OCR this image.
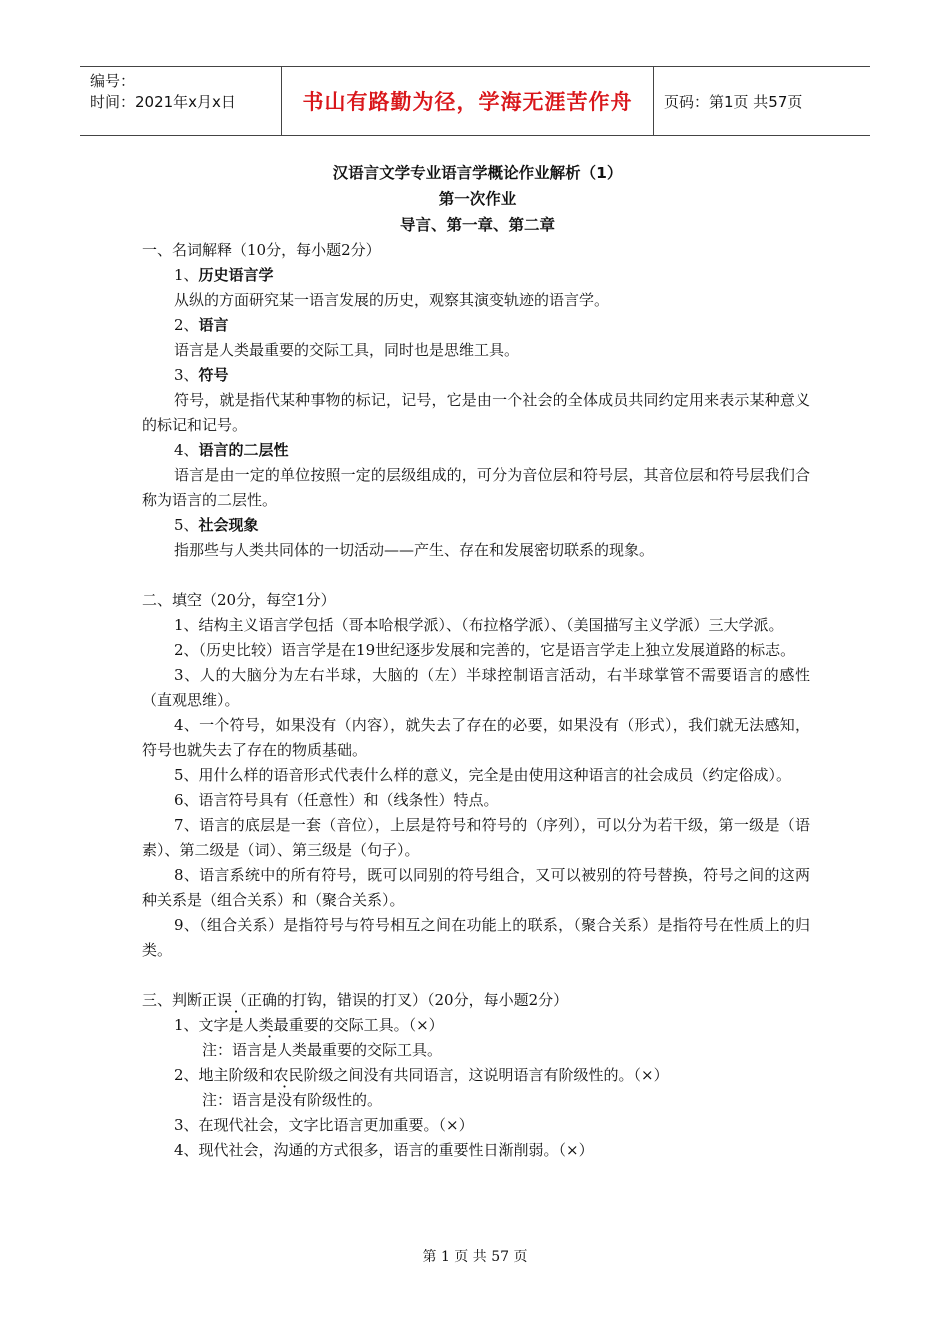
编号：
时间：2021年x月x日	书山有路勤为径，学海无涯苦作舟	页码：第1页 共57页
汉语言文学专业语言学概论作业解析（1）
第一次作业
导言、第一章、第二章
一、名词解释（10分，每小题2分）
1、历史语言学
从纵的方面研究某一语言发展的历史，观察其演变轨迹的语言学。
2、语言
语言是人类最重要的交际工具，同时也是思维工具。
3、符号
符号，就是指代某种事物的标记，记号，它是由一个社会的全体成员共同约定用来表示某种意义的标记和记号。
4、语言的二层性
语言是由一定的单位按照一定的层级组成的，可分为音位层和符号层，其音位层和符号层我们合称为语言的二层性。
5、社会现象
指那些与人类共同体的一切活动——产生、存在和发展密切联系的现象。
二、填空（20分，每空1分）
1、结构主义语言学包括（哥本哈根学派）、（布拉格学派）、（美国描写主义学派）三大学派。
2、（历史比较）语言学是在19世纪逐步发展和完善的，它是语言学走上独立发展道路的标志。
3、人的大脑分为左右半球，大脑的（左）半球控制语言活动，右半球掌管不需要语言的感性（直观思维）。
4、一个符号，如果没有（内容），就失去了存在的必要，如果没有（形式），我们就无法感知，符号也就失去了存在的物质基础。
5、用什么样的语音形式代表什么样的意义，完全是由使用这种语言的社会成员（约定俗成）。
6、语言符号具有（任意性）和（线条性）特点。
7、语言的底层是一套（音位），上层是符号和符号的（序列），可以分为若干级，第一级是（语素）、第二级是（词）、第三级是（句子）。
8、语言系统中的所有符号，既可以同别的符号组合，又可以被别的符号替换，符号之间的这两种关系是（组合关系）和（聚合关系）。
9、（组合关系）是指符号与符号相互之间在功能上的联系，（聚合关系）是指符号在性质上的归类。
三、判断正误（正确的打钩，错误的打叉）（20分，每小题2分）
1、文字是人类最重要的交际工具。（×）
注：语言是人类最重要的交际工具。
2、地主阶级和农民阶级之间没有共同语言，这说明语言有阶级性的。（×）
注：语言是没有阶级性的。
3、在现代社会，文字比语言更加重要。（×）
4、现代社会，沟通的方式很多，语言的重要性日渐削弱。（×）
第 1 页 共 57 页
